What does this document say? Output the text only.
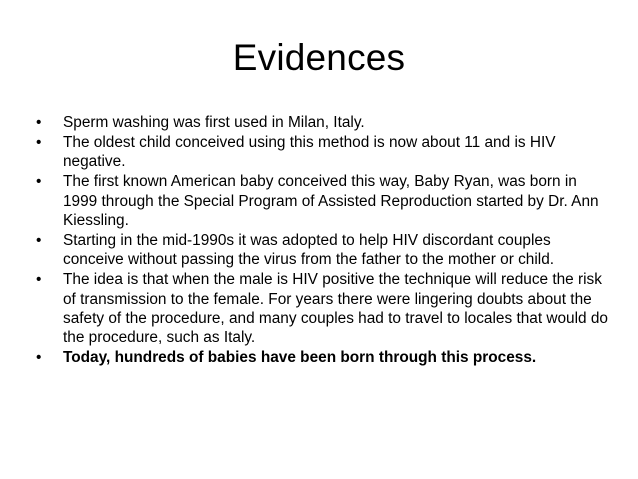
Evidences
•	Sperm washing was first used in Milan, Italy.
•	The oldest child conceived using this method is now about 11 and is HIV negative.
•	The first known American baby conceived this way, Baby Ryan, was born in 1999 through the Special Program of Assisted Reproduction started by Dr. Ann Kiessling.
•	Starting in the mid-1990s it was adopted to help HIV discordant couples conceive without passing the virus from the father to the mother or child.
•	The idea is that when the male is HIV positive the technique will reduce the risk of transmission to the female. For years there were lingering doubts about the safety of the procedure, and many couples had to travel to locales that would do the procedure, such as Italy.
•	Today, hundreds of babies have been born through this process.
